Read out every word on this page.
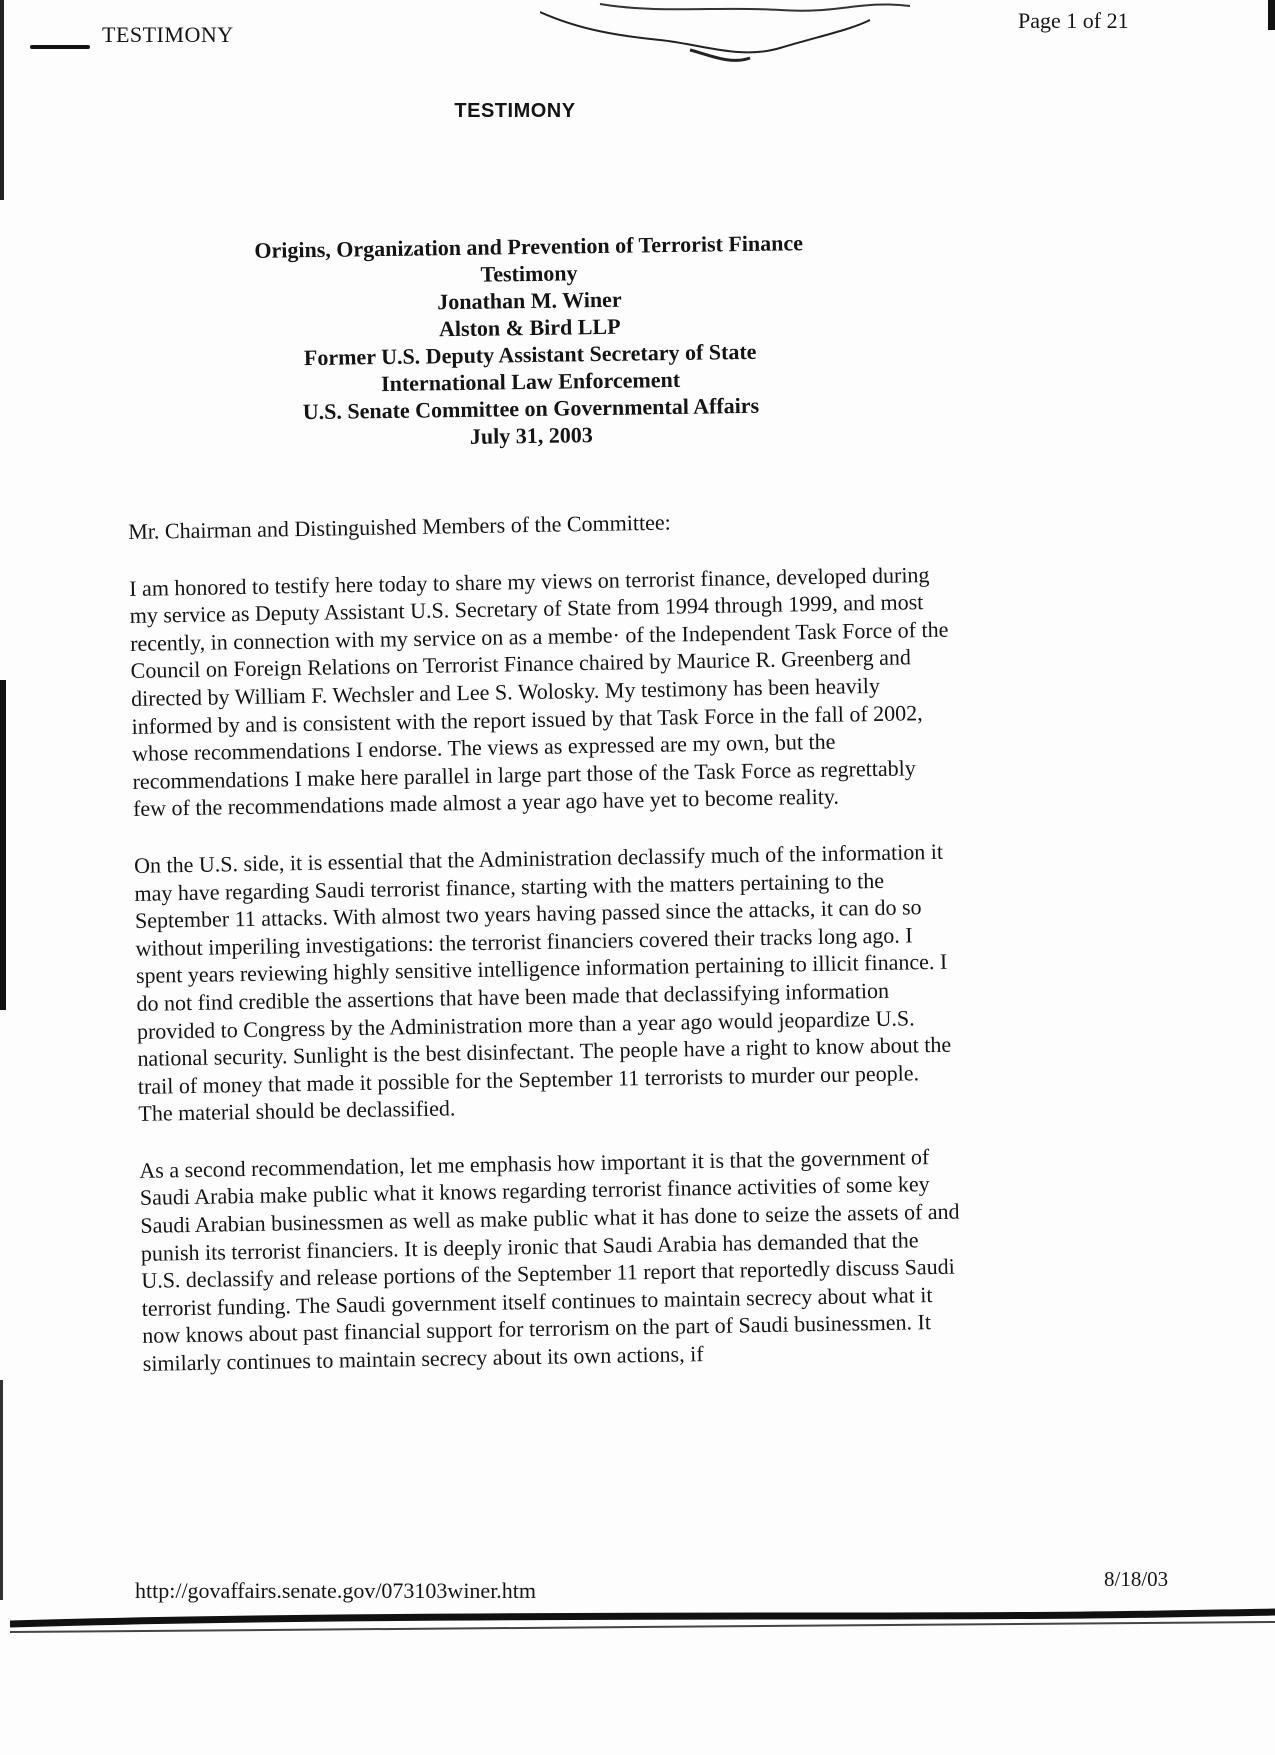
TESTIMONY
Page 1 of 21
TESTIMONY
Origins, Organization and Prevention of Terrorist Finance
Testimony
Jonathan M. Winer
Alston & Bird LLP
Former U.S. Deputy Assistant Secretary of State
International Law Enforcement
U.S. Senate Committee on Governmental Affairs
July 31, 2003

Mr. Chairman and Distinguished Members of the Committee:

I am honored to testify here today to share my views on terrorist finance, developed during my service as Deputy Assistant U.S. Secretary of State from 1994 through 1999, and most recently, in connection with my service on as a membe· of the Independent Task Force of the Council on Foreign Relations on Terrorist Finance chaired by Maurice R. Greenberg and directed by William F. Wechsler and Lee S. Wolosky. My testimony has been heavily informed by and is consistent with the report issued by that Task Force in the fall of 2002, whose recommendations I endorse. The views as expressed are my own, but the recommendations I make here parallel in large part those of the Task Force as regrettably few of the recommendations made almost a year ago have yet to become reality.

On the U.S. side, it is essential that the Administration declassify much of the information it may have regarding Saudi terrorist finance, starting with the matters pertaining to the September 11 attacks. With almost two years having passed since the attacks, it can do so without imperiling investigations: the terrorist financiers covered their tracks long ago. I spent years reviewing highly sensitive intelligence information pertaining to illicit finance. I do not find credible the assertions that have been made that declassifying information provided to Congress by the Administration more than a year ago would jeopardize U.S. national security. Sunlight is the best disinfectant. The people have a right to know about the trail of money that made it possible for the September 11 terrorists to murder our people. The material should be declassified.

As a second recommendation, let me emphasis how important it is that the government of Saudi Arabia make public what it knows regarding terrorist finance activities of some key Saudi Arabian businessmen as well as make public what it has done to seize the assets of and punish its terrorist financiers. It is deeply ironic that Saudi Arabia has demanded that the U.S. declassify and release portions of the September 11 report that reportedly discuss Saudi terrorist funding. The Saudi government itself continues to maintain secrecy about what it now knows about past financial support for terrorism on the part of Saudi businessmen. It similarly continues to maintain secrecy about its own actions, if

http://govaffairs.senate.gov/073103winer.htm	8/18/03
